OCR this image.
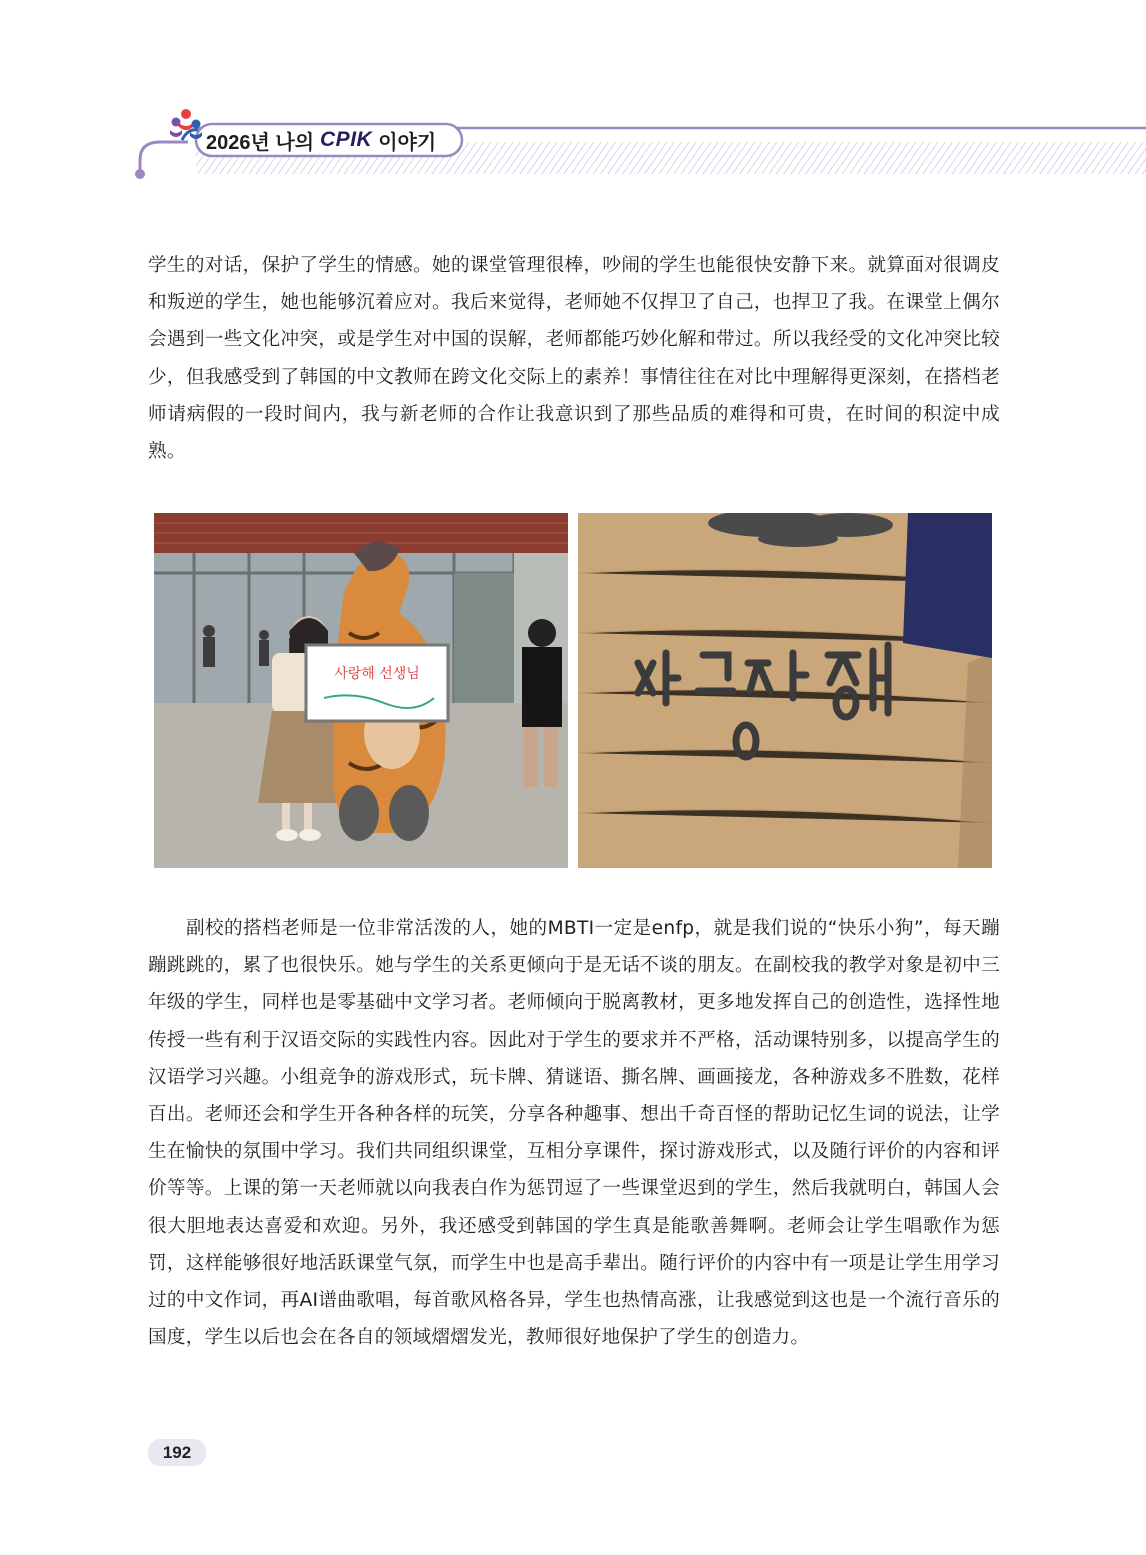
2026년 나의 CPIK 이야기

学生的对话，保护了学生的情感。她的课堂管理很棒，吵闹的学生也能很快安静下来。就算面对很调皮和叛逆的学生，她也能够沉着应对。我后来觉得，老师她不仅捍卫了自己，也捍卫了我。在课堂上偶尔会遇到一些文化冲突，或是学生对中国的误解，老师都能巧妙化解和带过。所以我经受的文化冲突比较少，但我感受到了韩国的中文教师在跨文化交际上的素养！事情往往在对比中理解得更深刻，在搭档老师请病假的一段时间内，我与新老师的合作让我意识到了那些品质的难得和可贵，在时间的积淀中成熟。

사랑해 선생님

副校的搭档老师是一位非常活泼的人，她的MBTI一定是enfp，就是我们说的“快乐小狗”，每天蹦蹦跳跳的，累了也很快乐。她与学生的关系更倾向于是无话不谈的朋友。在副校我的教学对象是初中三年级的学生，同样也是零基础中文学习者。老师倾向于脱离教材，更多地发挥自己的创造性，选择性地传授一些有利于汉语交际的实践性内容。因此对于学生的要求并不严格，活动课特别多，以提高学生的汉语学习兴趣。小组竞争的游戏形式，玩卡牌、猜谜语、撕名牌、画画接龙，各种游戏多不胜数，花样百出。老师还会和学生开各种各样的玩笑，分享各种趣事、想出千奇百怪的帮助记忆生词的说法，让学生在愉快的氛围中学习。我们共同组织课堂，互相分享课件，探讨游戏形式，以及随行评价的内容和评价等等。上课的第一天老师就以向我表白作为惩罚逗了一些课堂迟到的学生，然后我就明白，韩国人会很大胆地表达喜爱和欢迎。另外，我还感受到韩国的学生真是能歌善舞啊。老师会让学生唱歌作为惩罚，这样能够很好地活跃课堂气氛，而学生中也是高手辈出。随行评价的内容中有一项是让学生用学习过的中文作词，再AI谱曲歌唱，每首歌风格各异，学生也热情高涨，让我感觉到这也是一个流行音乐的国度，学生以后也会在各自的领域熠熠发光，教师很好地保护了学生的创造力。

192
